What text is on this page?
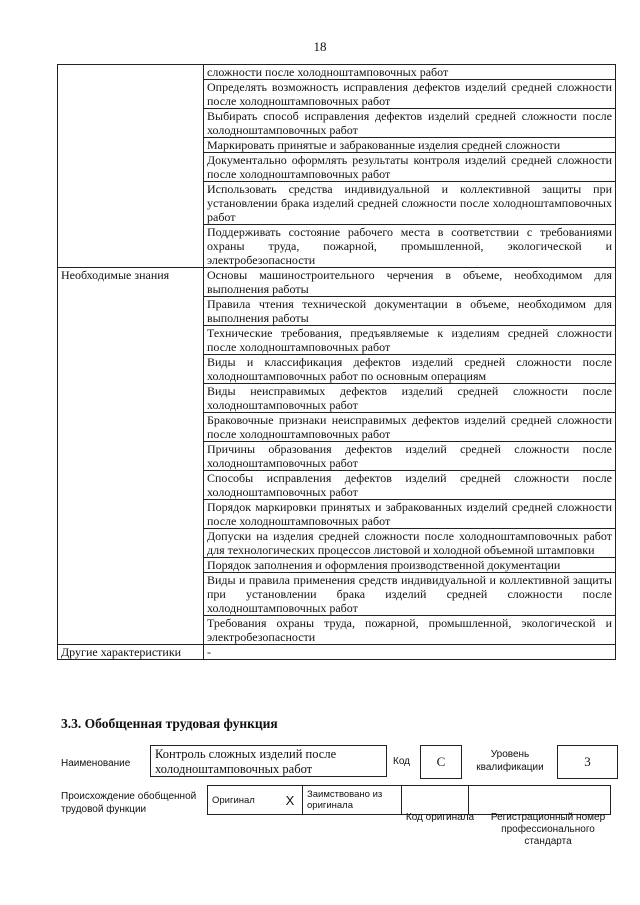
18
	сложности после холодноштамповочных работ
	Определять возможность исправления дефектов изделий средней сложности после холодноштамповочных работ
	Выбирать способ исправления дефектов изделий средней сложности после холодноштамповочных работ
	Маркировать принятые и забракованные изделия средней сложности
	Документально оформлять результаты контроля изделий средней сложности после холодноштамповочных работ
	Использовать средства индивидуальной и коллективной защиты при установлении брака изделий средней сложности после холодноштамповочных работ
	Поддерживать состояние рабочего места в соответствии с требованиями охраны труда, пожарной, промышленной, экологической и электробезопасности
Необходимые знания	Основы машиностроительного черчения в объеме, необходимом для выполнения работы
	Правила чтения технической документации в объеме, необходимом для выполнения работы
	Технические требования, предъявляемые к изделиям средней сложности после холодноштамповочных работ
	Виды и классификация дефектов изделий средней сложности после холодноштамповочных работ по основным операциям
	Виды неисправимых дефектов изделий средней сложности после холодноштамповочных работ
	Браковочные признаки неисправимых дефектов изделий средней сложности после холодноштамповочных работ
	Причины образования дефектов изделий средней сложности после холодноштамповочных работ
	Способы исправления дефектов изделий средней сложности после холодноштамповочных работ
	Порядок маркировки принятых и забракованных изделий средней сложности после холодноштамповочных работ
	Допуски на изделия средней сложности после холодноштамповочных работ для технологических процессов листовой и холодной объемной штамповки
	Порядок заполнения и оформления производственной документации
	Виды и правила применения средств индивидуальной и коллективной защиты при установлении брака изделий средней сложности после холодноштамповочных работ
	Требования охраны труда, пожарной, промышленной, экологической и электробезопасности
Другие характеристики	-
3.3. Обобщенная трудовая функция
Наименование
Контроль сложных изделий после холодноштамповочных работ
Код	C	Уровень квалификации	3
Происхождение обобщенной трудовой функции
Оригинал	X	Заимствовано из оригинала		
Код оригинала	Регистрационный номер профессионального стандарта
